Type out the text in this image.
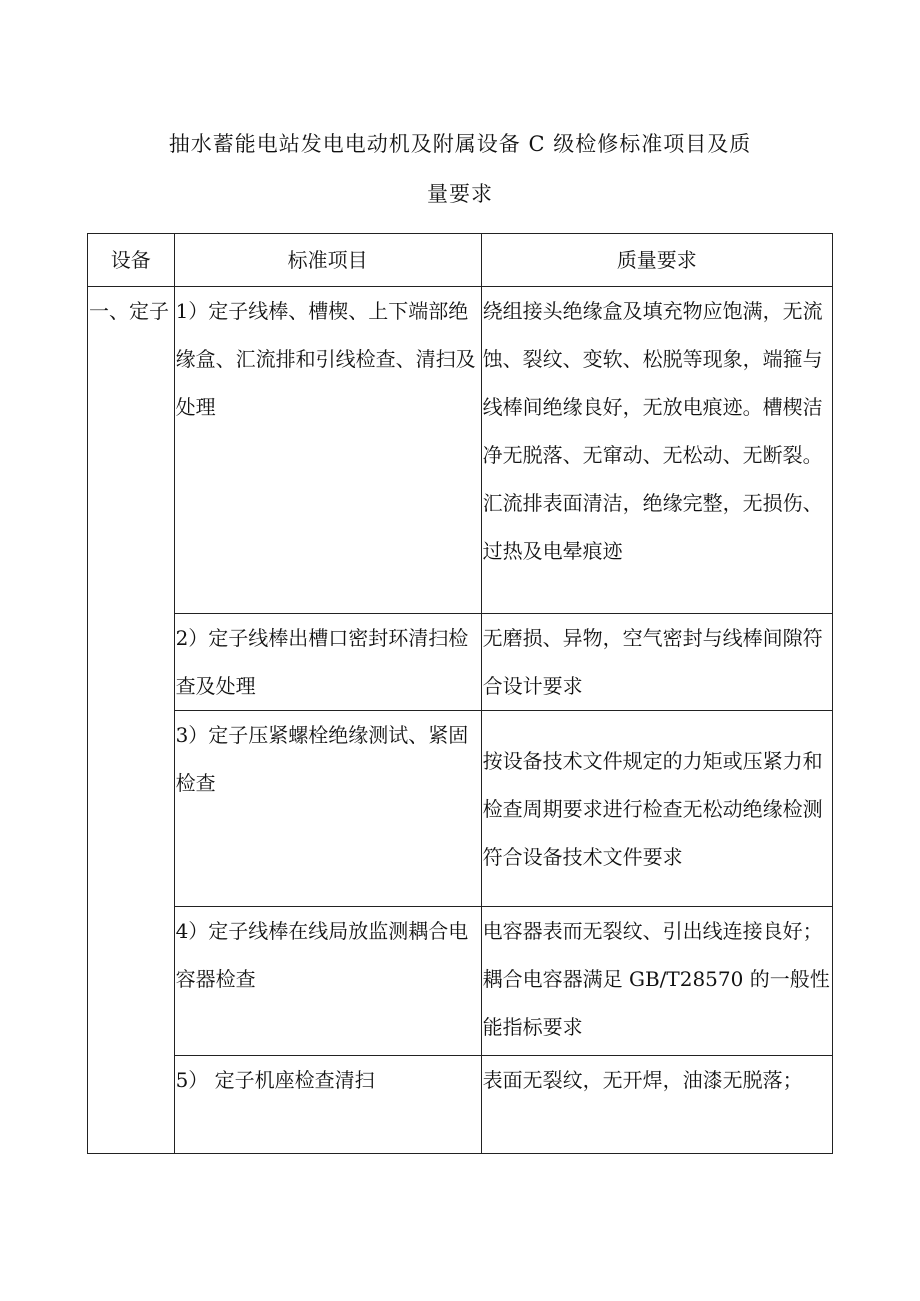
抽水蓄能电站发电电动机及附属设备 C 级检修标准项目及质
量要求
设备	标准项目	质量要求
一、定子	1）定子线棒、槽楔、上下端部绝缘盒、汇流排和引线检查、清扫及处理	绕组接头绝缘盒及填充物应饱满，无流蚀、裂纹、变软、松脱等现象，端箍与线棒间绝缘良好，无放电痕迹。槽楔洁净无脱落、无窜动、无松动、无断裂。汇流排表面清洁，绝缘完整，无损伤、过热及电晕痕迹
	2）定子线棒出槽口密封环清扫检查及处理	无磨损、异物，空气密封与线棒间隙符合设计要求
	3）定子压紧螺栓绝缘测试、紧固检查	按设备技术文件规定的力矩或压紧力和检查周期要求进行检查无松动绝缘检测符合设备技术文件要求
	4）定子线棒在线局放监测耦合电容器检查	电容器表而无裂纹、引出线连接良好；耦合电容器满足 GB/T28570 的一般性能指标要求
	5） 定子机座检查清扫	表面无裂纹，无开焊，油漆无脱落；
